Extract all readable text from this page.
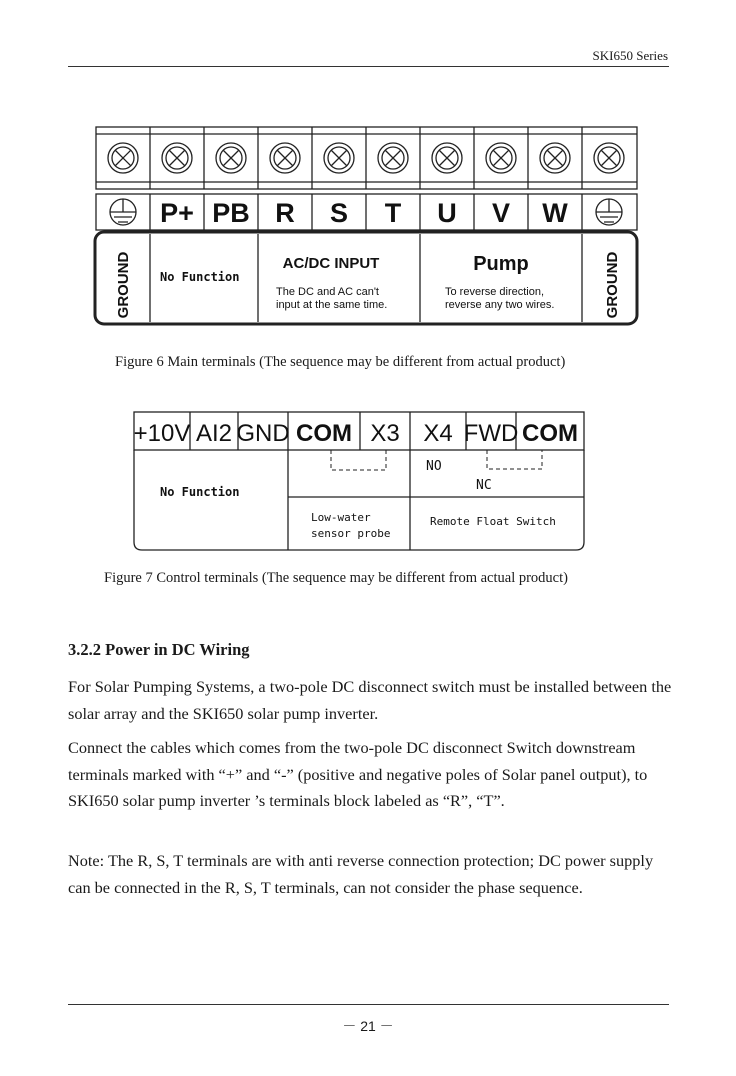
SKI650 Series
P+ PB R S T U V W
GROUND	GROUND
No Function
AC/DC INPUT
The DC and AC can't
input at the same time.
Pump
To reverse direction,
reverse any two wires.
Figure 6 Main terminals (The sequence may be different from actual product)
+10V AI2 GND COM X3 X4 FWD COM
No Function
NO
NC
Low-water
sensor probe
Remote Float Switch
Figure 7 Control terminals (The sequence may be different from actual product)
3.2.2 Power in DC Wiring
For Solar Pumping Systems, a two-pole DC disconnect switch must be installed between the solar array and the SKI650 solar pump inverter.
Connect the cables which comes from the two-pole DC disconnect Switch downstream terminals marked with “+” and “-” (positive and negative poles of Solar panel output), to SKI650 solar pump inverter ’s terminals block labeled as “R”, “T”.
Note: The R, S, T terminals are with anti reverse connection protection; DC power supply can be connected in the R, S, T terminals, can not consider the phase sequence.
－ 21 －
